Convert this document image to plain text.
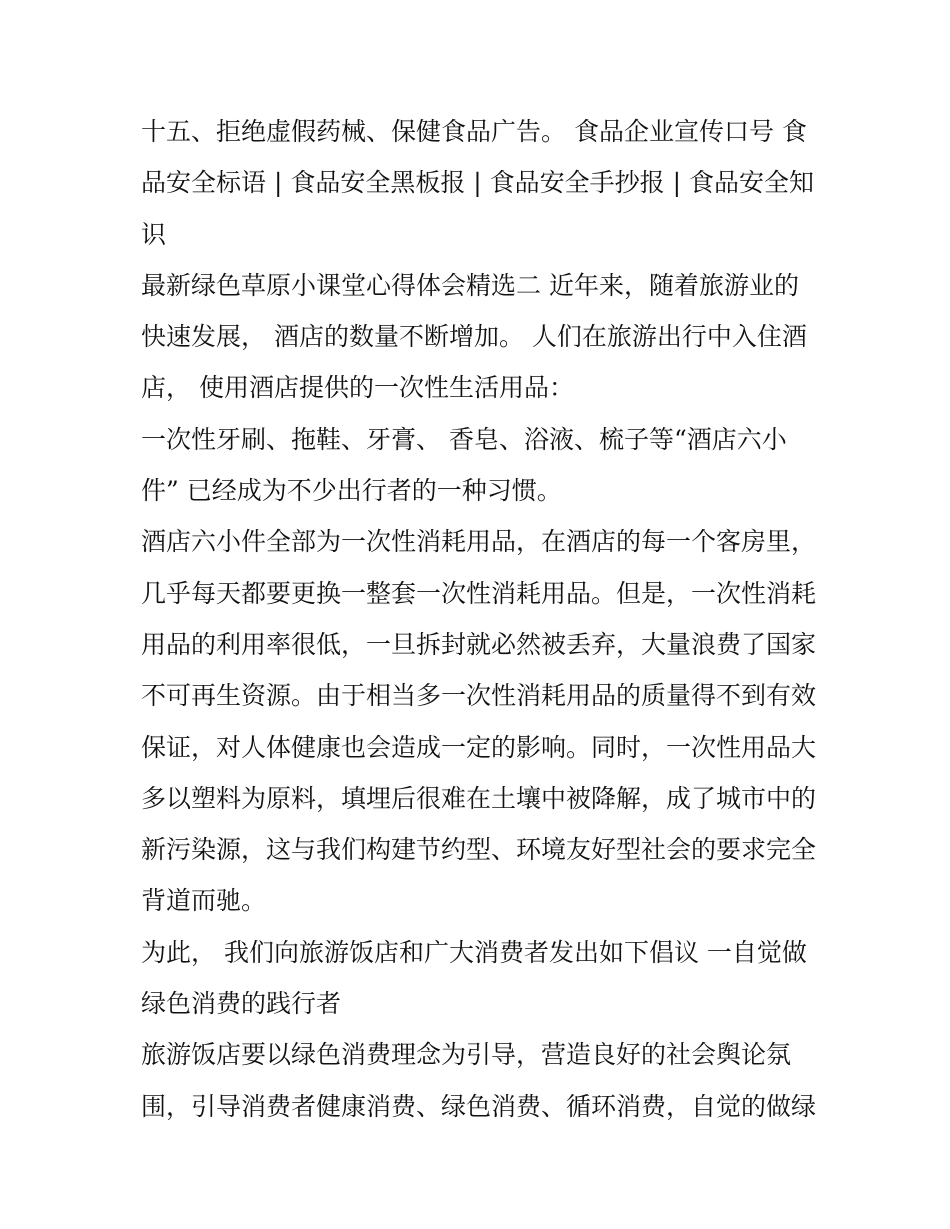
十五、拒绝虚假药械、保健食品广告。 食品企业宣传口号 食
品安全标语 | 食品安全黑板报 | 食品安全手抄报 | 食品安全知
识
最新绿色草原小课堂心得体会精选二 近年来，随着旅游业的
快速发展， 酒店的数量不断增加。 人们在旅游出行中入住酒
店， 使用酒店提供的一次性生活用品：
一次性牙刷、拖鞋、牙膏、 香皂、浴液、梳子等“酒店六小
件” 已经成为不少出行者的一种习惯。
酒店六小件全部为一次性消耗用品，在酒店的每一个客房里，
几乎每天都要更换一整套一次性消耗用品。但是，一次性消耗
用品的利用率很低，一旦拆封就必然被丢弃，大量浪费了国家
不可再生资源。由于相当多一次性消耗用品的质量得不到有效
保证，对人体健康也会造成一定的影响。同时，一次性用品大
多以塑料为原料，填埋后很难在土壤中被降解，成了城市中的
新污染源，这与我们构建节约型、环境友好型社会的要求完全
背道而驰。
为此， 我们向旅游饭店和广大消费者发出如下倡议 一自觉做
绿色消费的践行者
旅游饭店要以绿色消费理念为引导，营造良好的社会舆论氛
围，引导消费者健康消费、绿色消费、循环消费，自觉的做绿
